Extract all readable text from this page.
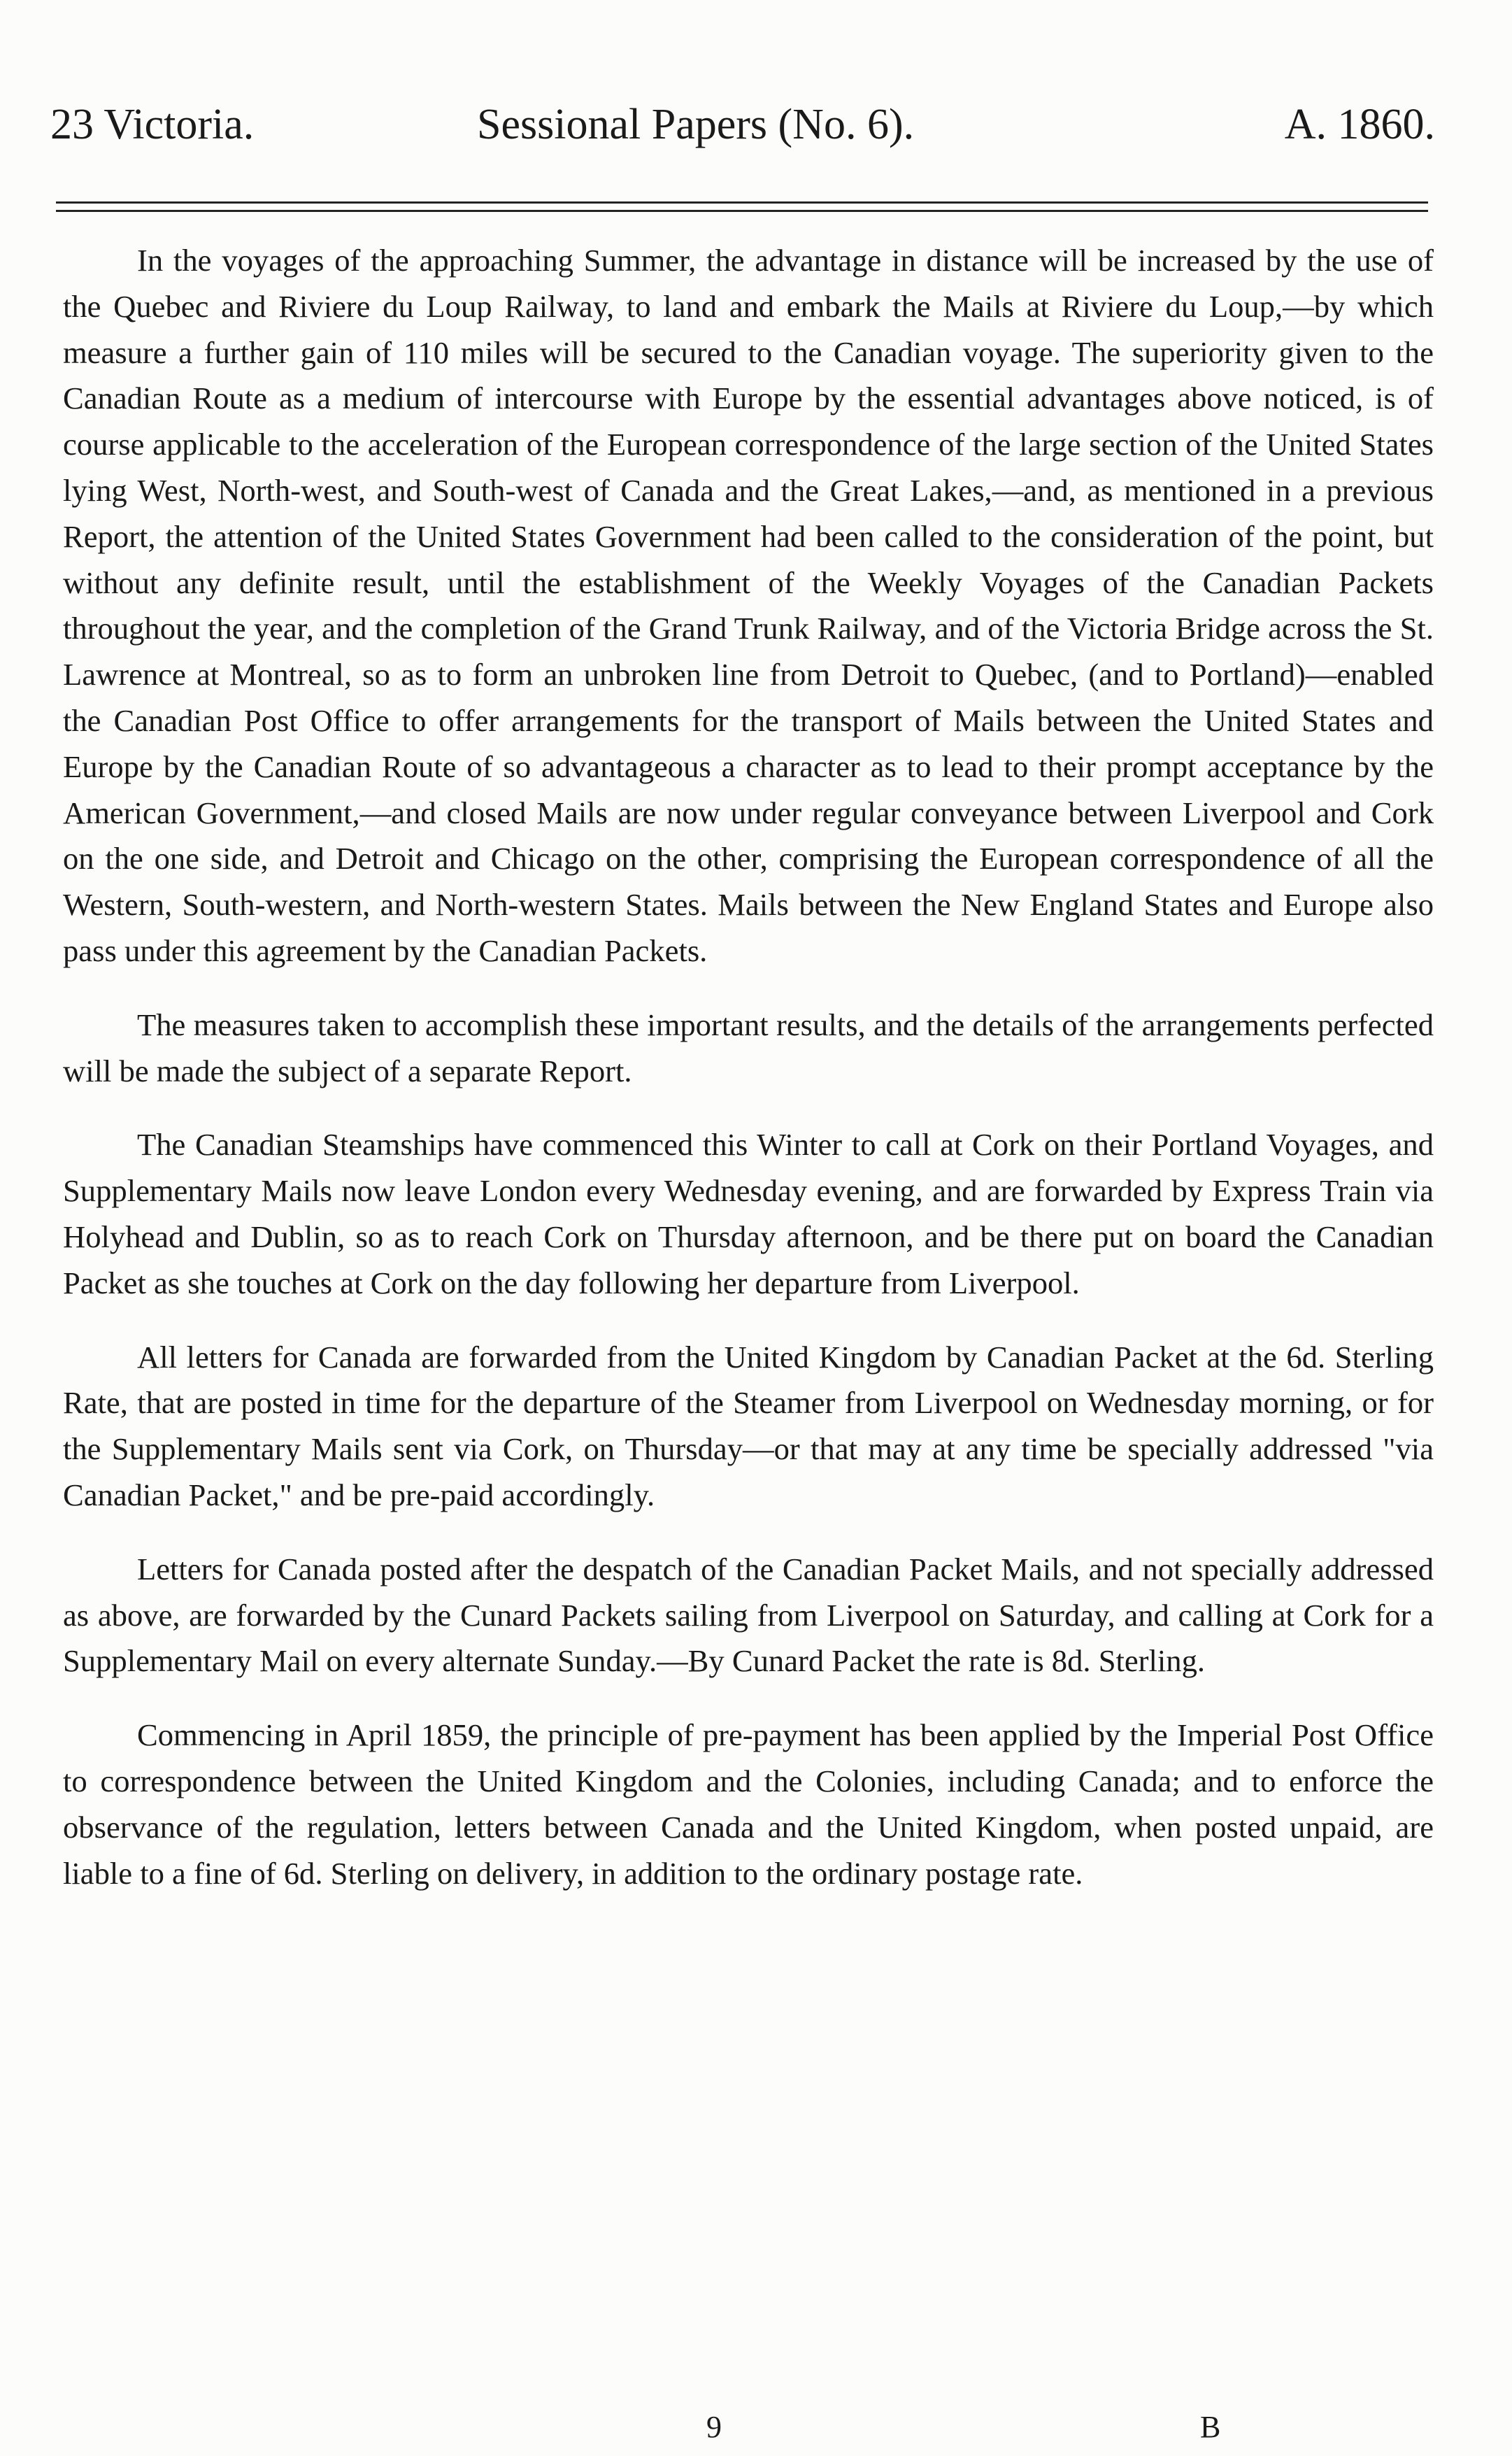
23 Victoria.	Sessional Papers (No. 6).	A. 1860.

In the voyages of the approaching Summer, the advantage in distance will be increased by the use of the Quebec and Riviere du Loup Railway, to land and embark the Mails at Riviere du Loup,—by which measure a further gain of 110 miles will be secured to the Canadian voyage. The superiority given to the Canadian Route as a medium of intercourse with Europe by the essential advantages above noticed, is of course applicable to the acceleration of the European correspondence of the large section of the United States lying West, North-west, and South-west of Canada and the Great Lakes,—and, as mentioned in a previous Report, the attention of the United States Government had been called to the consideration of the point, but without any definite result, until the establishment of the Weekly Voyages of the Canadian Packets throughout the year, and the completion of the Grand Trunk Railway, and of the Victoria Bridge across the St. Lawrence at Montreal, so as to form an unbroken line from Detroit to Quebec, (and to Portland)—enabled the Canadian Post Office to offer arrangements for the transport of Mails between the United States and Europe by the Canadian Route of so advantageous a character as to lead to their prompt acceptance by the American Government,—and closed Mails are now under regular conveyance between Liverpool and Cork on the one side, and Detroit and Chicago on the other, comprising the European correspondence of all the Western, South-western, and North-western States. Mails between the New England States and Europe also pass under this agreement by the Canadian Packets.

The measures taken to accomplish these important results, and the details of the arrangements perfected will be made the subject of a separate Report.

The Canadian Steamships have commenced this Winter to call at Cork on their Portland Voyages, and Supplementary Mails now leave London every Wednesday evening, and are forwarded by Express Train via Holyhead and Dublin, so as to reach Cork on Thursday afternoon, and be there put on board the Canadian Packet as she touches at Cork on the day following her departure from Liverpool.

All letters for Canada are forwarded from the United Kingdom by Canadian Packet at the 6d. Sterling Rate, that are posted in time for the departure of the Steamer from Liverpool on Wednesday morning, or for the Supplementary Mails sent via Cork, on Thursday—or that may at any time be specially addressed "via Canadian Packet," and be pre-paid accordingly.

Letters for Canada posted after the despatch of the Canadian Packet Mails, and not specially addressed as above, are forwarded by the Cunard Packets sailing from Liverpool on Saturday, and calling at Cork for a Supplementary Mail on every alternate Sunday.—By Cunard Packet the rate is 8d. Sterling.

Commencing in April 1859, the principle of pre-payment has been applied by the Imperial Post Office to correspondence between the United Kingdom and the Colonies, including Canada; and to enforce the observance of the regulation, letters between Canada and the United Kingdom, when posted unpaid, are liable to a fine of 6d. Sterling on delivery, in addition to the ordinary postage rate.

9	B
